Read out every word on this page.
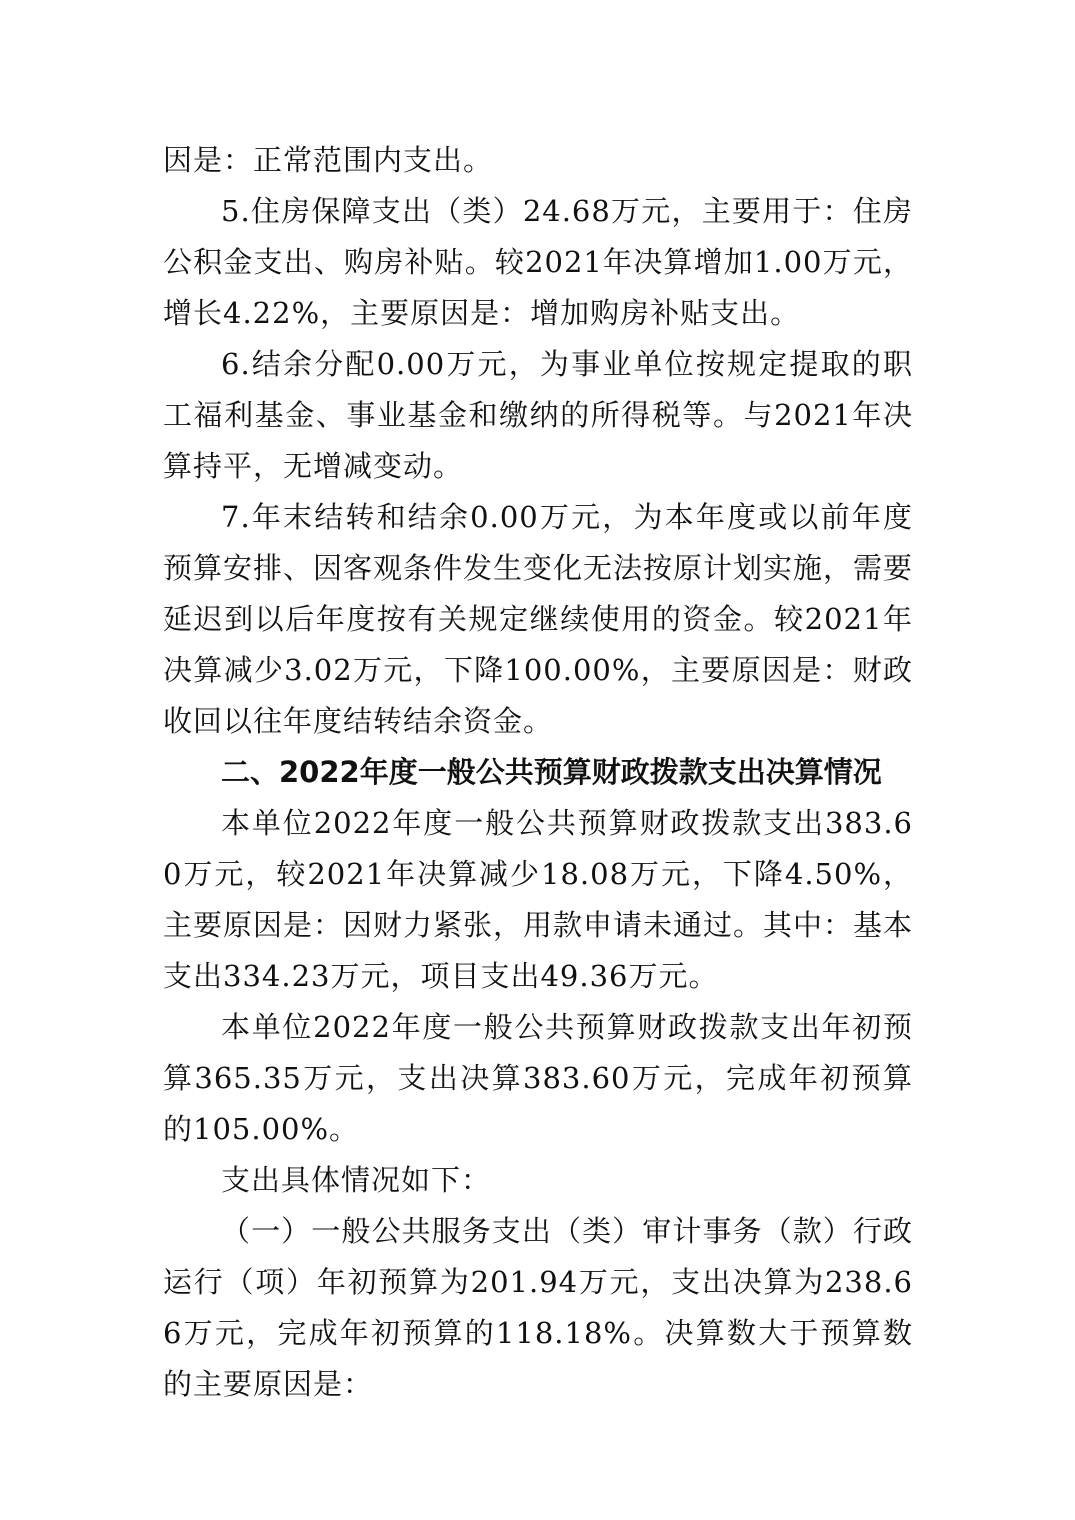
因是：正常范围内支出。

5.住房保障支出（类）24.68万元，主要用于：住房公积金支出、购房补贴。较2021年决算增加1.00万元，增长4.22%，主要原因是：增加购房补贴支出。

6.结余分配0.00万元，为事业单位按规定提取的职工福利基金、事业基金和缴纳的所得税等。与2021年决算持平，无增减变动。

7.年末结转和结余0.00万元，为本年度或以前年度预算安排、因客观条件发生变化无法按原计划实施，需要延迟到以后年度按有关规定继续使用的资金。较2021年决算减少3.02万元，下降100.00%，主要原因是：财政收回以往年度结转结余资金。

二、2022年度一般公共预算财政拨款支出决算情况

本单位2022年度一般公共预算财政拨款支出383.60万元，较2021年决算减少18.08万元，下降4.50%，主要原因是：因财力紧张，用款申请未通过。其中：基本支出334.23万元，项目支出49.36万元。

本单位2022年度一般公共预算财政拨款支出年初预算365.35万元，支出决算383.60万元，完成年初预算的105.00%。

支出具体情况如下：

（一）一般公共服务支出（类）审计事务（款）行政运行（项）年初预算为201.94万元，支出决算为238.66万元，完成年初预算的118.18%。决算数大于预算数的主要原因是：
